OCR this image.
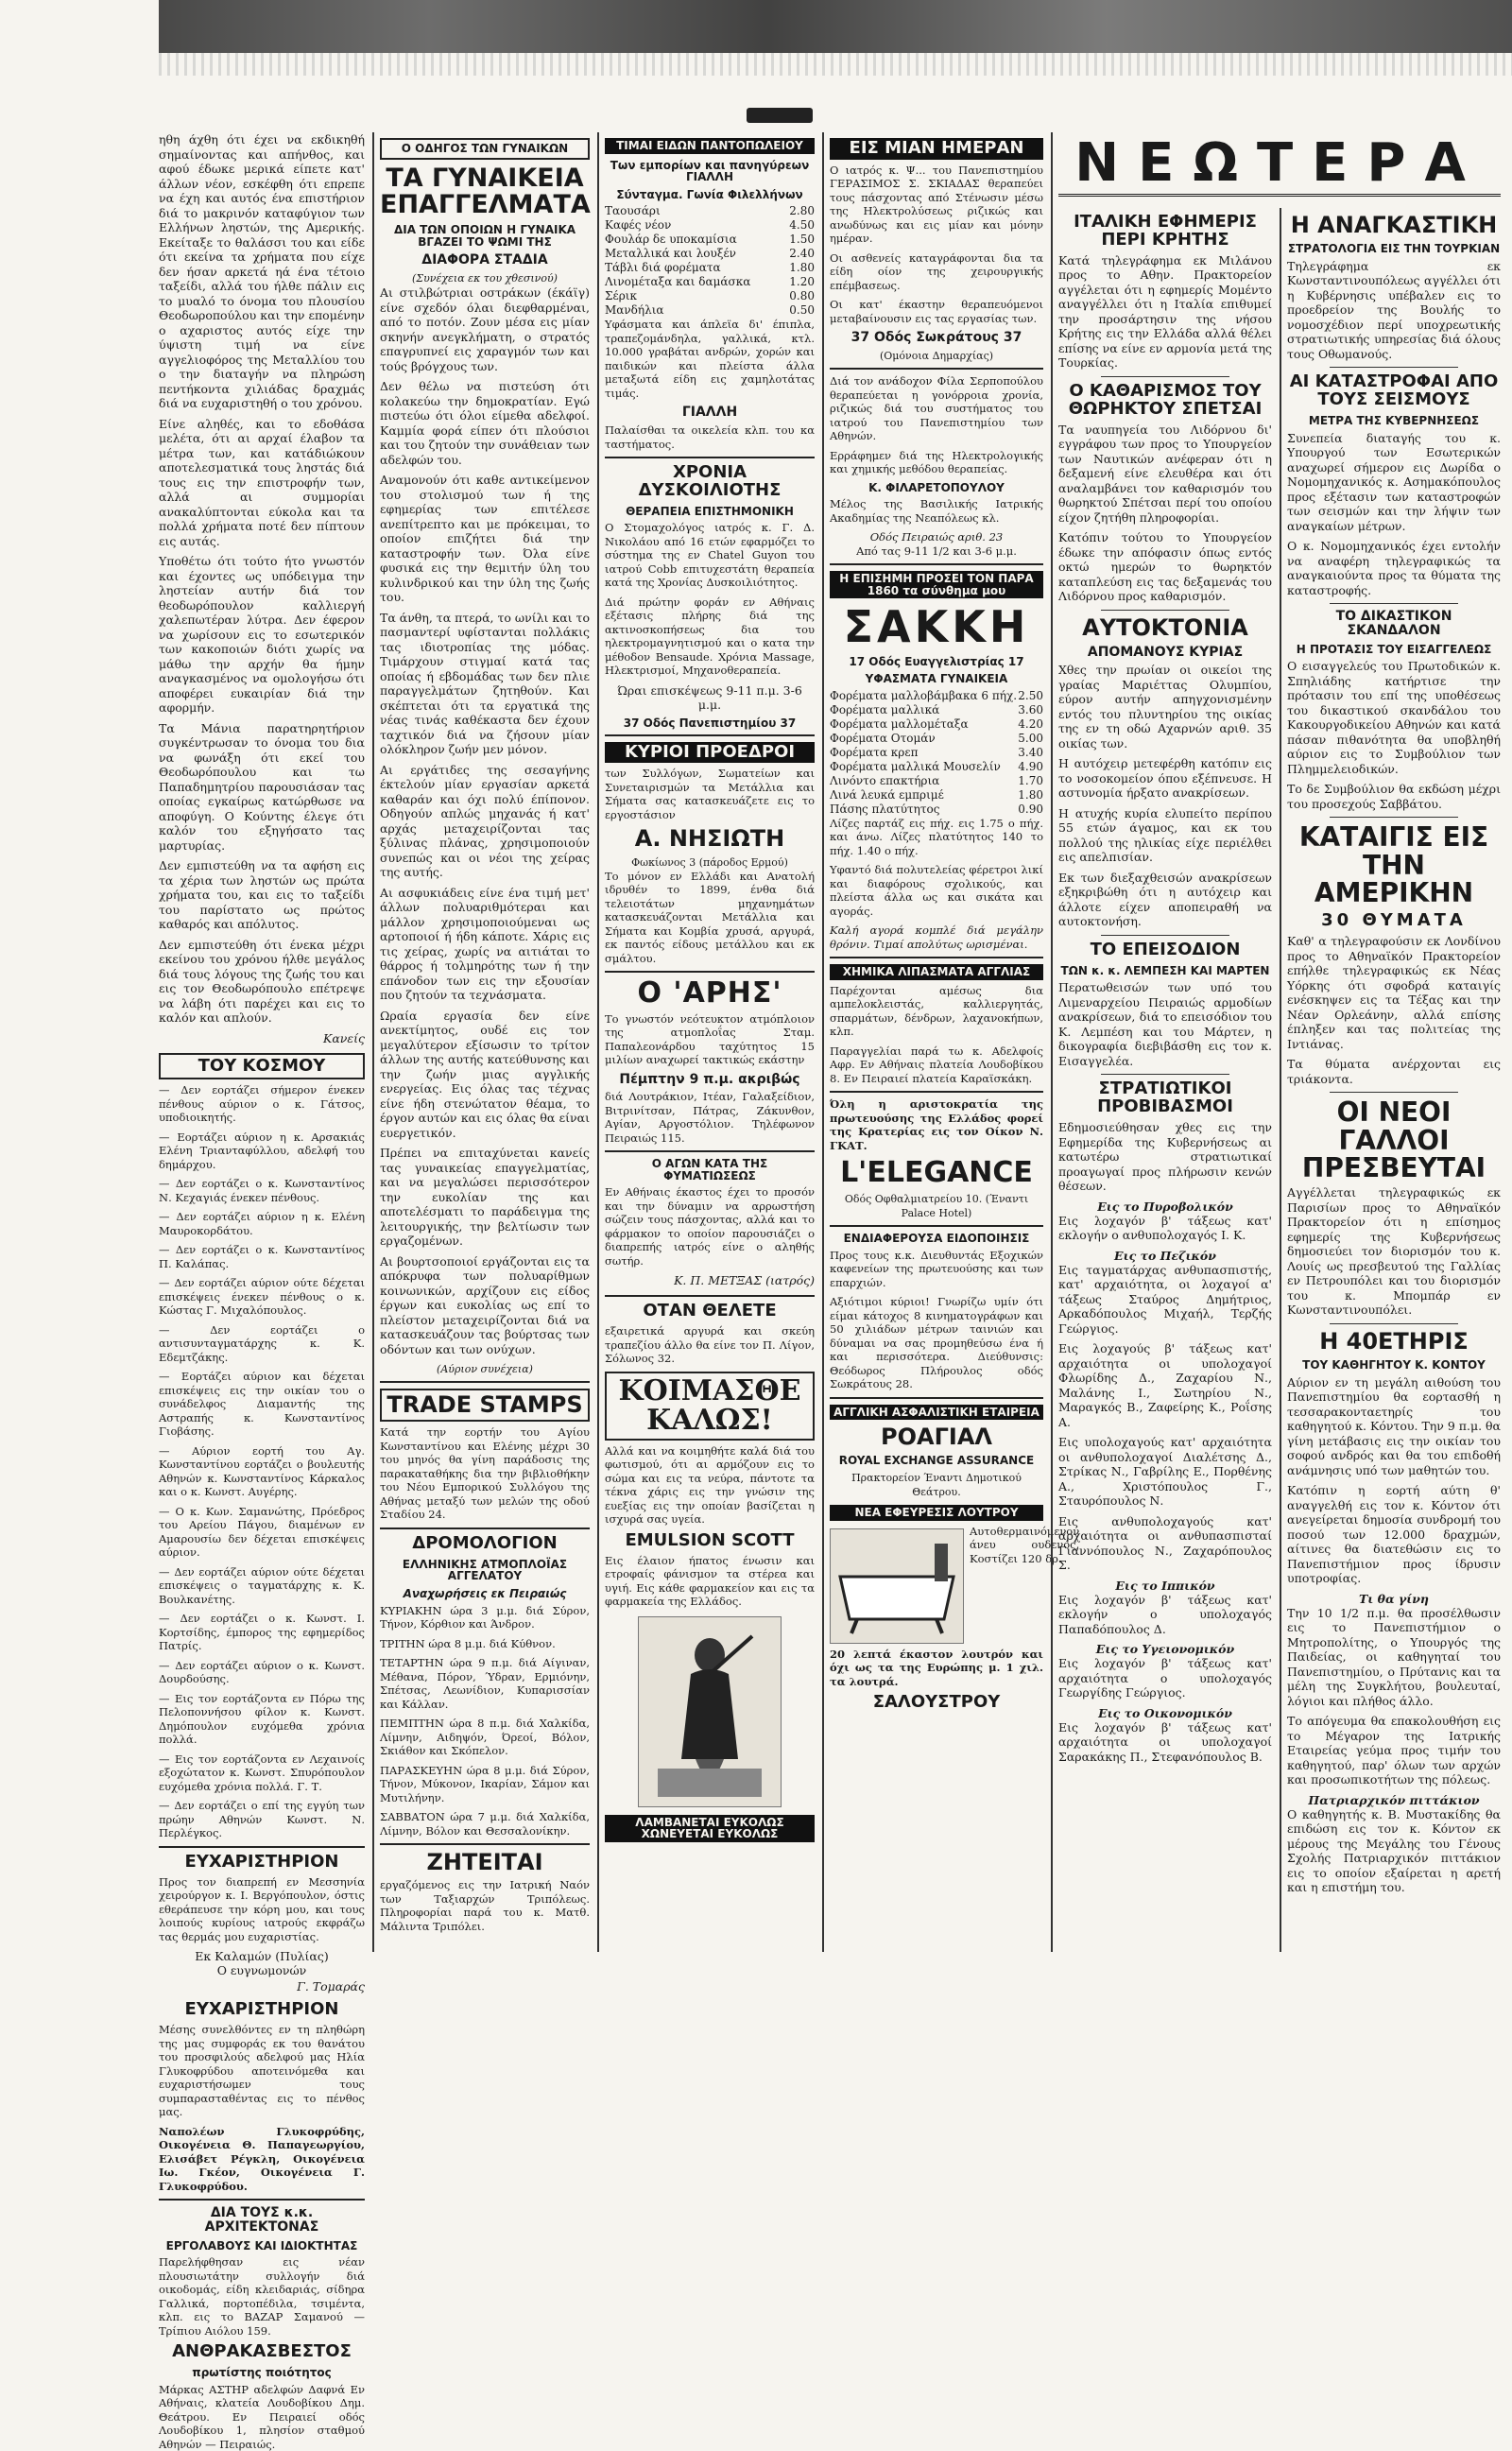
ηθη άχθη ότι έχει να εκδικηθή σημαίνοντας και απήνθος, και αφού έδωκε μερικά είπετε κατ' άλλων νέον, εσκέφθη ότι επρεπε να έχη και αυτός ένα επιστήριον διά το μακρινόν καταφύγιον των Ελλήνων ληστών, της Αμερικής. Εκείταξε το θαλάσσι του και είδε ότι εκείνα τα χρήματα που είχε δεν ήσαν αρκετά ηά ένα τέτοιο ταξείδι, αλλά του ήλθε πάλιν εις το μυαλό το όνομα του πλουσίου Θεοδωροπούλου και την επομένην ο αχαριστος αυτός είχε την ύψιστη τιμή να είνε αγγελιοφόρος της Μεταλλίου του ο την διαταγήν να πληρώση πεντήκοντα χιλιάδας δραχμάς διά να ευχαριστηθή ο του χρόνου.

Είνε αληθές, και το εδοθάσα μελέτα, ότι αι αρχαί έλαβον τα μέτρα των, και κατάδιώκουν αποτελεσματικά τους ληστάς διά τους εις την επιστροφήν των, αλλά αι συμμορίαι ανακαλύπτονται εύκολα και τα πολλά χρήματα ποτέ δεν πίπτουν εις αυτάς.

Υποθέτω ότι τούτο ήτο γνωστόν και έχοντες ως υπόδειγμα την ληστείαν αυτήν διά τον θεοδωρόπουλον καλλιεργή χαλεπωτέραν λύτρα. Δεν έφερον να χωρίσουν εις το εσωτερικόν των κακοποιών διότι χωρίς να μάθω την αρχήν θα ήμην αναγκασμένος να ομολογήσω ότι αποφέρει ευκαιρίαν διά την αφορμήν.

Τα Μάνια παρατηρητήριον συγκέντρωσαν το όνομα του δια να φωνάξη ότι εκεί του Θεοδωρόπουλου και τω Παπαδημητρίου παρουσιάσαν τας οποίας εγκαίρως κατώρθωσε να αποφύγη. Ο Κούντης έλεγε ότι καλόν του εξηγήσατο τας μαρτυρίας.

Δεν εμπιστεύθη να τα αφήση εις τα χέρια των ληστών ως πρώτα χρήματα του, και εις το ταξείδι του παρίστατο ως πρώτος καθαρός και απόλυτος.

Δεν εμπιστεύθη ότι ένεκα μέχρι εκείνου του χρόνου ήλθε μεγάλος διά τους λόγους της ζωής του και εις τον Θεοδωρόπουλο επέτρεψε να λάβη ότι παρέχει και εις το καλόν και απλούν.

Κανείς
ΤΟΥ ΚΟΣΜΟΥ

— Δεν εορτάζει σήμερον ένεκεν πένθους αύριον ο κ. Γάτσος, υποδιοικητής.

— Εορτάζει αύριον η κ. Αρσακιάς Ελένη Τριανταφύλλου, αδελφή του δημάρχου.

— Δεν εορτάζει ο κ. Κωνσταντίνος Ν. Κεχαγιάς ένεκεν πένθους.

— Δεν εορτάζει αύριον η κ. Ελένη Μαυροκορδάτου.

— Δεν εορτάζει ο κ. Κωνσταντίνος Π. Καλάπας.

— Δεν εορτάζει αύριον ούτε δέχεται επισκέψεις ένεκεν πένθους ο κ. Κώστας Γ. Μιχαλόπουλος.

— Δεν εορτάζει ο αντισυνταγματάρχης κ. Κ. Εδεμτζάκης.

— Εορτάζει αύριον και δέχεται επισκέψεις εις την οικίαν του ο συνάδελφος Διαμαντής της Αστραπής κ. Κωνσταντίνος Γιοβάσης.

— Αύριον εορτή του Αγ. Κωνσταντίνου εορτάζει ο βουλευτής Αθηνών κ. Κωνσταντίνος Κάρκαλος και ο κ. Κωνστ. Αυγέρης.

— Ο κ. Κων. Σαμανώτης, Πρόεδρος του Αρείου Πάγου, διαμένων εν Αμαρουσίω δεν δέχεται επισκέψεις αύριον.

— Δεν εορτάζει αύριον ούτε δέχεται επισκέψεις ο ταγματάρχης κ. Κ. Βουλκανέτης.

— Δεν εορτάζει ο κ. Κωνστ. Ι. Κορτσίδης, έμπορος της εφημερίδος Πατρίς.

— Δεν εορτάζει αύριον ο κ. Κωνστ. Δουρδούσης.

— Εις τον εορτάζοντα εν Πόρω της Πελοποννήσου φίλον κ. Κωνστ. Δημόπουλον ευχόμεθα χρόνια πολλά.

— Εις τον εορτάζοντα εν Λεχαινοίς εξοχώτατον κ. Κωνστ. Σπυρόπουλον ευχόμεθα χρόνια πολλά. Γ. Τ.

— Δεν εορτάζει ο επί της εγγύη των πρώην Αθηνών Κωνστ. Ν. Περλέγκος.

ΕΥΧΑΡΙΣΤΗΡΙΟΝ

Προς τον διαπρεπή εν Μεσσηνία χειρούργον κ. Ι. Βεργόπουλον, όστις εθεράπευσε την κόρη μου, και τους λοιπούς κυρίους ιατρούς εκφράζω τας θερμάς μου ευχαριστίας.

Εκ Καλαμών (Πυλίας)
Ο ευγνωμονών
Γ. Τομαράς
ΕΥΧΑΡΙΣΤΗΡΙΟΝ

Μέσης συνελθόντες εν τη πληθώρη της μας συμφοράς εκ του θανάτου του προσφιλούς αδελφού μας Ηλία Γλυκοφρύδου αποτεινόμεθα και ευχαριστήσωμεν τους συμπαρασταθέντας εις το πένθος μας.

Ναπολέων Γλυκοφρύδης, Οικογένεια Θ. Παπαγεωργίου, Ελισάβετ Ρέγκλη, Οικογένεια Ιω. Γκέον, Οικογένεια Γ. Γλυκοφρύδου.

ΔΙΑ ΤΟΥΣ κ.κ. ΑΡΧΙΤΕΚΤΟΝΑΣ
ΕΡΓΟΛΑΒΟΥΣ ΚΑΙ ΙΔΙΟΚΤΗΤΑΣ

Παρελήφθησαν εις νέαν πλουσιωτάτην συλλογήν διά οικοδομάς, είδη κλειδαριάς, σίδηρα Γαλλικά, πορτοπέδιλα, τσιμέντα, κλπ. εις το ΒΑΖΑΡ Σαμανού — Τρίπιου Αιόλου 159.

ΑΝΘΡΑΚΑΣΒΕΣΤΟΣ
πρωτίστης ποιότητος

Μάρκας ΑΣΤΗΡ αδελφών Δαφνά Εν Αθήναις, κλατεία Λουδοβίκου Δημ. Θεάτρου. Εν Πειραιεί οδός Λουδοβίκου 1, πλησίον σταθμού Αθηνών — Πειραιώς.

Ο ΟΔΗΓΟΣ ΤΩΝ ΓΥΝΑΙΚΩΝ
ΤΑ ΓΥΝΑΙΚΕΙΑ ΕΠΑΓΓΕΛΜΑΤΑ
ΔΙΑ ΤΩΝ ΟΠΟΙΩΝ Η ΓΥΝΑΙΚΑ ΒΓΑΖΕΙ ΤΟ ΨΩΜΙ ΤΗΣ
ΔΙΑΦΟΡΑ ΣΤΑΔΙΑ
(Συνέχεια εκ του χθεσινού)

Αι στιλβώτριαι οστράκων (έκάϊγ) είνε σχεδόν όλαι διεφθαρμέναι, από το ποτόν. Ζουν μέσα εις μίαν σκηνήν ανεγκλήματη, ο στρατός επαγρυπνεί εις χαραγμόν των και τούς βρόγχους των.

Δεν θέλω να πιστεύση ότι κολακεύω την δημοκρατίαν. Εγώ πιστεύω ότι όλοι είμεθα αδελφοί. Καμμία φορά είπεν ότι πλούσιοι και του ζητούν την συνάθειαν των αδελφών του.

Αναμονούν ότι καθε αντικείμενον του στολισμού των ή της εφημερίας των επιτέλεσε ανεπίτρεπτο και με πρόκειμαι, το οποίον επιζήτει διά την καταστροφήν των. Όλα είνε φυσικά εις την θεμιτήν ύλη του κυλινδρικού και την ύλη της ζωής του.

Τα άνθη, τα πτερά, το ωνίλι και το πασμαντερί υφίστανται πολλάκις τας ιδιοτροπίας της μόδας. Τιμάρχουν στιγμαί κατά τας οποίας ή εβδομάδας των δεν πλιε παραγγελμάτων ζητηθούν. Και σκέπτεται ότι τα εργατικά της νέας τινάς καθέκαστα δεν έχουν ταχτικόν διά να ζήσουν μίαν ολόκληρον ζωήν μεν μόνον.

Αι εργάτιδες της σεσαγήνης έκτελούν μίαν εργασίαν αρκετά καθαράν και όχι πολύ έπίπονον. Οδηγούν απλώς μηχανάς ή κατ' αρχάς μεταχειρίζονται τας ξύλινας πλάνας, χρησιμοποιούν συνεπώς και οι νέοι της χείρας της αυτής.

Αι ασφυκιάδεις είνε ένα τιμή μετ' άλλων πολυαριθμότεραι και μάλλον χρησιμοποιούμεναι ως αρτοποιοί ή ήδη κάποτε. Χάρις εις τις χείρας, χωρίς να αιτιάται το θάρρος ή τολμηρότης των ή την επάνοδον των εις την εξουσίαν που ζητούν τα τεχνάσματα.

Ωραία εργασία δεν είνε ανεκτίμητος, ουδέ εις τον μεγαλύτερον εξίσωσιν το τρίτον άλλων της αυτής κατεύθυνσης και την ζωήν μιας αγγλικής ενεργείας. Εις όλας τας τέχνας είνε ήδη στενώτατον θέαμα, το έργον αυτών και εις όλας θα είναι ευεργετικόν.

Πρέπει να επιταχύνεται κανείς τας γυναικείας επαγγελματίας, και να μεγαλώσει περισσότερον την ευκολίαν της και αποτελέσματι το παράδειγμα της λειτουργικής, την βελτίωσιν των εργαζομένων.

Αι βουρτσοποιοί εργάζονται εις τα απόκρυφα των πολυαρίθμων κοινωνικών, αρχίζουν εις είδος έργων και ευκολίας ως επί το πλείστον μεταχειρίζονται διά να κατασκευάζουν τας βούρτσας των οδόντων και των ονύχων.

(Αύριον συνέχεια)
TRADE STAMPS

Κατά την εορτήν του Αγίου Κωνσταντίνου και Ελένης μέχρι 30 του μηνός θα γίνη παράδοσις της παρακαταθήκης δια την βιβλιοθήκην του Νέου Εμπορικού Συλλόγου της Αθήνας μεταξύ των μελών της οδού Σταδίου 24.

ΔΡΟΜΟΛΟΓΙΟΝ
ΕΛΛΗΝΙΚΗΣ ΑΤΜΟΠΛΟΪΑΣ ΑΓΓΕΛΑΤΟΥ
Αναχωρήσεις εκ Πειραιώς

ΚΥΡΙΑΚΗΝ ώρα 3 μ.μ. διά Σύρον, Τήνον, Κόρθιον και Άνδρον.

ΤΡΙΤΗΝ ώρα 8 μ.μ. διά Κύθνον.

ΤΕΤΑΡΤΗΝ ώρα 9 π.μ. διά Αίγιναν, Μέθανα, Πόρον, Ύδραν, Ερμιόνην, Σπέτσας, Λεωνίδιον, Κυπαρισσίαν και Κάλλαν.

ΠΕΜΠΤΗΝ ώρα 8 π.μ. διά Χαλκίδα, Λίμνην, Αιδηψόν, Όρεοί, Βόλον, Σκιάθον και Σκόπελον.

ΠΑΡΑΣΚΕΥΗΝ ώρα 8 μ.μ. διά Σύρον, Τήνον, Μύκονον, Ικαρίαν, Σάμον και Μυτιλήνην.

ΣΑΒΒΑΤΟΝ ώρα 7 μ.μ. διά Χαλκίδα, Λίμνην, Βόλον και Θεσσαλονίκην.

ΖΗΤΕΙΤΑΙ

εργαζόμενος εις την Ιατρική Ναόν των Ταξιαρχών Τριπόλεως. Πληροφορίαι παρά του κ. Ματθ. Μάλιντα Τριπόλει.

ΤΙΜΑΙ ΕΙΔΩΝ ΠΑΝΤΟΠΩΛΕΙΟΥ
Των εμπορίων και πανηγύρεων ΓΙΑΛΛΗ
Σύνταγμα. Γωνία Φιλελλήνων
Ταουσάρι	2.80
Καφές νέον	4.50
Φουλάρ δε υποκαμίσια	1.50
Μεταλλικά και λουξέν	2.40
Τάβλι διά φορέματα	1.80
Λινομέταξα και δαμάσκα	1.20
Σέρικ	0.80
Μανδήλια	0.50

Υφάσματα και άπλεϊα δι' έπιπλα, τραπεζομάνδηλα, γαλλικά, κτλ. 10.000 γραβάται ανδρών, χορών και παιδικών και πλείστα άλλα μεταξωτά είδη εις χαμηλοτάτας τιμάς.

ΓΙΑΛΛΗ

Παλαίσθαι τα οικελεία κλπ. του κα ταστήματος.

ΧΡΟΝΙΑ ΔΥΣΚΟΙΛΙΟΤΗΣ
ΘΕΡΑΠΕΙΑ ΕΠΙΣΤΗΜΟΝΙΚΗ

Ο Στομαχολόγος ιατρός κ. Γ. Δ. Νικολάου από 16 ετών εφαρμόζει το σύστημα της εν Chatel Guyon του ιατρού Cobb επιτυχεστάτη θεραπεία κατά της Χρονίας Δυσκοιλιότητος.

Διά πρώτην φοράν εν Αθήναις εξέτασις πλήρης διά της ακτινοσκοπήσεως δια του ηλεκτρομαγνητισμού και ο κατα την μέθοδον Bensaude. Χρόνια Massage, Ηλεκτρισμοί, Μηχανοθεραπεία.

Ώραι επισκέψεως 9-11 π.μ. 3-6 μ.μ.
37 Οδός Πανεπιστημίου 37
ΚΥΡΙΟΙ ΠΡΟΕΔΡΟΙ

των Συλλόγων, Σωματείων και Συνεταιρισμών τα Μετάλλια και Σήματα σας κατασκευάζετε εις το εργοστάσιον

Α. ΝΗΣΙΩΤΗ
Φωκίωνος 3 (πάροδος Ερμού)

Το μόνον εν Ελλάδι και Ανατολή ιδρυθέν το 1899, ένθα διά τελειοτάτων μηχανημάτων κατασκευάζονται Μετάλλια και Σήματα και Κομβία χρυσά, αργυρά, εκ παντός είδους μετάλλου και εκ σμάλτου.

Ο 'ΑΡΗΣ'

Το γνωστόν νεότευκτον ατμόπλοιον της ατμοπλοΐας Σταμ. Παπαλεονάρδου ταχύτητος 15 μιλίων αναχωρεί τακτικώς εκάστην

Πέμπτην 9 π.μ. ακριβώς

διά Λουτράκιον, Ιτέαν, Γαλαξείδιον, Βιτρινίτσαν, Πάτρας, Ζάκυνθον, Αγίαν, Αργοστόλιον. Τηλέφωνον Πειραιώς 115.

Ο ΑΓΩΝ ΚΑΤΑ ΤΗΣ ΦΥΜΑΤΙΩΣΕΩΣ

Εν Αθήναις έκαστος έχει το προσόν και την δύναμιν να αρρωστήση σώζειν τους πάσχοντας, αλλά και το φάρμακον το οποίον παρουσιάζει ο διαπρεπής ιατρός είνε ο αληθής σωτήρ.

Κ. Π. ΜΕΤΞΑΣ (ιατρός)
ΟΤΑΝ ΘΕΛΕΤΕ

εξαιρετικά αργυρά και σκεύη τραπεζίου άλλο θα είνε τον Π. Λίγον, Σόλωνος 32.

ΚΟΙΜΑΣΘΕ ΚΑΛΩΣ!

Αλλά και να κοιμηθήτε καλά διά του φωτισμού, ότι αι αρμόζουν εις το σώμα και εις τα νεύρα, πάντοτε τα τέκνα χάρις εις την γνώσιν της ευεξίας εις την οποίαν βασίζεται η ισχυρά σας υγεία.

EMULSION SCOTT

Εις έλαιον ήπατος ένωσιν και ετροφαίς φάνισμον τα στέρεα και υγιή. Εις κάθε φαρμακείον και εις τα φαρμακεία της Ελλάδος.

ΛΑΜΒΑΝΕΤΑΙ ΕΥΚΟΛΩΣ ΧΩΝΕΥΕΤΑΙ ΕΥΚΟΛΩΣ
ΕΙΣ ΜΙΑΝ ΗΜΕΡΑΝ

Ο ιατρός κ. Ψ... του Πανεπιστημίου ΓΕΡΑΣΙΜΟΣ Σ. ΣΚΙΑΔΑΣ θεραπεύει τους πάσχοντας από Στένωσιν μέσω της Ηλεκτρολύσεως ριζικώς και ανωδύνως και εις μίαν και μόνην ημέραν.

Οι ασθενείς καταγράφονται δια τα είδη οίον της χειρουργικής επέμβασεως.

Οι κατ' έκαστην θεραπευόμενοι μεταβαίνουσιν εις τας εργασίας των.

37 Οδός Σωκράτους 37
(Ομόνοια Δημαρχίας)

Διά τον ανάδοχον Φίλα Σερποπούλου θεραπεύεται η γονόρροια χρονία, ριζικώς διά του συστήματος του ιατρού του Πανεπιστημίου των Αθηνών.

Ερράφημεν διά της Ηλεκτρολογικής και χημικής μεθόδου θεραπείας.

Κ. ΦΙΛΑΡΕΤΟΠΟΥΛΟΥ

Μέλος της Βασιλικής Ιατρικής Ακαδημίας της Νεαπόλεως κλ.

Οδός Πειραιώς αριθ. 23
Από τας 9-11 1/2 και 3-6 μ.μ.
Η ΕΠΙΣΗΜΗ ΠΡΟΣΕΙ ΤΟΝ ΠΑΡΑ 1860 τα σύνθημα μου
ΣΑΚΚΗ
17 Οδός Ευαγγελιστρίας 17
ΥΦΑΣΜΑΤΑ ΓΥΝΑΙΚΕΙΑ
Φορέματα μαλλοβάμβακα 6 πήχ. 2.50
Φορέματα μαλλικά	3.60
Φορέματα μαλλομέταξα	4.20
Φορέματα Οτομάν	5.00
Φορέματα κρεπ	3.40
Φορέματα μαλλικά Μουσελίν 4.90
Λινόντο επακτήρια	1.70
Λινά λευκά εμπριμέ	1.80
Πάσης πλατύτητος	0.90

Λίζες παρτάζ εις πήχ. εις 1.75 ο πήχ. και άνω. Λίζες πλατύτητος 140 το πήχ. 1.40 ο πήχ.

Υφαντό διά πολυτελείας φέρετροι λικί και διαφόρους σχολικούς, και πλείστα άλλα ως και σικάτα και αγοράς.

Καλή αγορά κομπλέ διά μεγάλην θρόνιν. Τιμαί απολύτως ωρισμέναι.

ΧΗΜΙΚΑ ΛΙΠΑΣΜΑΤΑ ΑΓΓΛΙΑΣ

Παρέχονται αμέσως δια αμπελοκλειστάς, καλλιεργητάς, σπαρμάτων, δένδρων, λαχανοκήπων, κλπ.

Παραγγελίαι παρά τω κ. Αδελφοίς Αφρ. Εν Αθήναις πλατεία Λουδοβίκου 8. Εν Πειραιεί πλατεία Καραϊσκάκη.

Όλη η αριστοκρατία της πρωτευούσης της Ελλάδος φορεί της Κρατερίας εις τον Οίκον Ν. ΓΚΑΤ.

L'ELEGANCE
Οδός Οφθαλμιατρείου 10. (Έναντι Palace Hotel)
ΕΝΔΙΑΦΕΡΟΥΣΑ ΕΙΔΟΠΟΙΗΣΙΣ

Προς τους κ.κ. Διευθυντάς Εξοχικών καφενείων της πρωτευούσης και των επαρχιών.

Αξιότιμοι κύριοι! Γνωρίζω υμίν ότι είμαι κάτοχος 8 κινηματογράφων και 50 χιλιάδων μέτρων ταινιών και δύναμαι να σας προμηθεύσω ένα ή και περισσότερα. Διεύθυνσις: Θεόδωρος Πλήρουλος οδός Σωκράτους 28.

ΑΓΓΛΙΚΗ ΑΣΦΑΛΙΣΤΙΚΗ ΕΤΑΙΡΕΙΑ
ΡΟΑΓΙΑΛ
ROYAL EXCHANGE ASSURANCE
Πρακτορείον Έναντι Δημοτικού Θεάτρου.
ΝΕΑ ΕΦΕΥΡΕΣΙΣ ΛΟΥΤΡΟΥ

Αυτοθερμαινόμενον άνευ ουδενός, Κοστίζει 120 δρ.

20 λεπτά έκαστον λουτρόν και όχι ως τα της Ευρώπης μ. 1 χιλ. τα λουτρά.

ΣΑΛΟΥΣΤΡΟΥ
ΝΕΩΤΕΡΑ
ΙΤΑΛΙΚΗ ΕΦΗΜΕΡΙΣ ΠΕΡΙ ΚΡΗΤΗΣ

Κατά τηλεγράφημα εκ Μιλάνου προς το Αθην. Πρακτορείον αγγέλεται ότι η εφημερίς Μομέντο αναγγέλλει ότι η Ιταλία επιθυμεί την προσάρτησιν της νήσου Κρήτης εις την Ελλάδα αλλά θέλει επίσης να είνε εν αρμονία μετά της Τουρκίας.

Ο ΚΑΘΑΡΙΣΜΟΣ ΤΟΥ ΘΩΡΗΚΤΟΥ ΣΠΕΤΣΑΙ

Τα ναυπηγεία του Λιδόρνου δι' εγγράφου των προς το Υπουργείον των Ναυτικών ανέφεραν ότι η δεξαμενή είνε ελευθέρα και ότι αναλαμβάνει τον καθαρισμόν του θωρηκτού Σπέτσαι περί του οποίου είχον ζητήθη πληροφορίαι.

Κατόπιν τούτου το Υπουργείον έδωκε την απόφασιν όπως εντός οκτώ ημερών το θωρηκτόν καταπλεύση εις τας δεξαμενάς του Λιδόρνου προς καθαρισμόν.

ΑΥΤΟΚΤΟΝΙΑ
ΑΠΟΜΑΝΟΥΣ ΚΥΡΙΑΣ

Χθες την πρωίαν οι οικείοι της γραίας Μαριέττας Ολυμπίου, εύρον αυτήν απηγχονισμένην εντός του πλυντηρίου της οικίας της εν τη οδώ Αχαρνών αριθ. 35 οικίας των.

Η αυτόχειρ μετεφέρθη κατόπιν εις το νοσοκομείον όπου εξέπνευσε. Η αστυνομία ήρξατο ανακρίσεων.

Η ατυχής κυρία ελυπείτο περίπου 55 ετών άγαμος, και εκ του πολλού της ηλικίας είχε περιέλθει εις απελπισίαν.

Εκ των διεξαχθεισών ανακρίσεων εξηκριβώθη ότι η αυτόχειρ και άλλοτε είχεν αποπειραθή να αυτοκτονήση.

ΤΟ ΕΠΕΙΣΟΔΙΟΝ
ΤΩΝ κ. κ. ΛΕΜΠΕΣΗ ΚΑΙ ΜΑΡΤΕΝ

Περατωθεισών των υπό του Λιμεναρχείου Πειραιώς αρμοδίων ανακρίσεων, διά το επεισόδιον του Κ. Λεμπέση και του Μάρτεν, η δικογραφία διεβιβάσθη εις τον κ. Εισαγγελέα.

ΣΤΡΑΤΙΩΤΙΚΟΙ ΠΡΟΒΙΒΑΣΜΟΙ

Εδημοσιεύθησαν χθες εις την Εφημερίδα της Κυβερνήσεως αι κατωτέρω στρατιωτικαί προαγωγαί προς πλήρωσιν κενών θέσεων.

Εις το Πυροβολικόν

Εις λοχαγόν β' τάξεως κατ' εκλογήν ο ανθυπολοχαγός Ι. Κ.

Εις το Πεζικόν

Εις ταγματάρχας ανθυπασπιστής, κατ' αρχαιότητα, οι λοχαγοί α' τάξεως Σταύρος Δημήτριος, Αρκαδόπουλος Μιχαήλ, Τερζής Γεώργιος.

Εις λοχαγούς β' τάξεως κατ' αρχαιότητα οι υπολοχαγοί Φλωρίδης Δ., Ζαχαρίου Ν., Μαλάνης Ι., Σωτηρίου Ν., Μαραγκός Β., Ζαφείρης Κ., Ροΐσης Α.

Εις υπολοχαγούς κατ' αρχαιότητα οι ανθυπολοχαγοί Διαλέτσης Δ., Στρίκας Ν., Γαβρίλης Ε., Πορθένης Α., Χριστόπουλος Γ., Σταυρόπουλος Ν.

Εις ανθυπολοχαγούς κατ' αρχαιότητα οι ανθυπασπισταί Γιαννόπουλος Ν., Ζαχαρόπουλος Σ.

Εις το Ιππικόν

Εις λοχαγόν β' τάξεως κατ' εκλογήν ο υπολοχαγός Παπαδόπουλος Δ.

Εις το Υγειονομικόν

Εις λοχαγόν β' τάξεως κατ' αρχαιότητα ο υπολοχαγός Γεωργίδης Γεώργιος.

Εις το Οικονομικόν

Εις λοχαγόν β' τάξεως κατ' αρχαιότητα οι υπολοχαγοί Σαρακάκης Π., Στεφανόπουλος Β.

Η ΑΝΑΓΚΑΣΤΙΚΗ
ΣΤΡΑΤΟΛΟΓΙΑ ΕΙΣ ΤΗΝ ΤΟΥΡΚΙΑΝ

Τηλεγράφημα εκ Κωνσταντινουπόλεως αγγέλλει ότι η Κυβέρνησις υπέβαλεν εις το προεδρείον της Βουλής το νομοσχέδιον περί υποχρεωτικής στρατιωτικής υπηρεσίας διά όλους τους Οθωμανούς.

ΑΙ ΚΑΤΑΣΤΡΟΦΑΙ ΑΠΟ ΤΟΥΣ ΣΕΙΣΜΟΥΣ
ΜΕΤΡΑ ΤΗΣ ΚΥΒΕΡΝΗΣΕΩΣ

Συνεπεία διαταγής του κ. Υπουργού των Εσωτερικών αναχωρεί σήμερον εις Δωρίδα ο Νομομηχανικός κ. Ασημακόπουλος προς εξέτασιν των καταστροφών των σεισμών και την λήψιν των αναγκαίων μέτρων.

Ο κ. Νομομηχανικός έχει εντολήν να αναφέρη τηλεγραφικώς τα αναγκαιούντα προς τα θύματα της καταστροφής.

ΤΟ ΔΙΚΑΣΤΙΚΟΝ ΣΚΑΝΔΑΛΟΝ
Η ΠΡΟΤΑΣΙΣ ΤΟΥ ΕΙΣΑΓΓΕΛΕΩΣ

Ο εισαγγελεύς του Πρωτοδικών κ. Σπηλιάδης κατήρτισε την πρότασιν του επί της υποθέσεως του δικαστικού σκανδάλου του Κακουργοδικείου Αθηνών και κατά πάσαν πιθανότητα θα υποβληθή αύριον εις το Συμβούλιον των Πλημμελειοδικών.

Το δε Συμβούλιον θα εκδώση μέχρι του προσεχούς Σαββάτου.

ΚΑΤΑΙΓΙΣ ΕΙΣ ΤΗΝ ΑΜΕΡΙΚΗΝ
30 ΘΥΜΑΤΑ

Καθ' α τηλεγραφούσιν εκ Λονδίνου προς το Αθηναϊκόν Πρακτορείον επήλθε τηλεγραφικώς εκ Νέας Υόρκης ότι σφοδρά καταιγίς ενέσκηψεν εις τα Τέξας και την Νέαν Ορλεάνην, αλλά επίσης έπληξεν και τας πολιτείας της Ιντιάνας.

Τα θύματα ανέρχονται εις τριάκοντα.

ΟΙ ΝΕΟΙ ΓΑΛΛΟΙ ΠΡΕΣΒΕΥΤΑΙ

Αγγέλλεται τηλεγραφικώς εκ Παρισίων προς το Αθηναϊκόν Πρακτορείον ότι η επίσημος εφημερίς της Κυβερνήσεως δημοσιεύει τον διορισμόν του κ. Λουίς ως πρεσβευτού της Γαλλίας εν Πετρουπόλει και του διορισμόν του κ. Μπομπάρ εν Κωνσταντινουπόλει.

Η 40ΕΤΗΡΙΣ
ΤΟΥ ΚΑΘΗΓΗΤΟΥ Κ. ΚΟΝΤΟΥ

Αύριον εν τη μεγάλη αιθούση του Πανεπιστημίου θα εορτασθή η τεσσαρακονταετηρίς του καθηγητού κ. Κόντου. Την 9 π.μ. θα γίνη μετάβασις εις την οικίαν του σοφού ανδρός και θα του επιδοθή ανάμνησις υπό των μαθητών του.

Κατόπιν η εορτή αύτη θ' αναγγελθή εις τον κ. Κόντον ότι ανεγείρεται δημοσία συνδρομή του ποσού των 12.000 δραχμών, αίτινες θα διατεθώσιν εις το Πανεπιστήμιον προς ίδρυσιν υποτροφίας.

Τι θα γίνη

Την 10 1/2 π.μ. θα προσέλθωσιν εις το Πανεπιστήμιον ο Μητροπολίτης, ο Υπουργός της Παιδείας, οι καθηγηταί του Πανεπιστημίου, ο Πρύτανις και τα μέλη της Συγκλήτου, βουλευταί, λόγιοι και πλήθος άλλο.

Το απόγευμα θα επακολουθήση εις το Μέγαρον της Ιατρικής Εταιρείας γεύμα προς τιμήν του καθηγητού, παρ' όλων των αρχών και προσωπικοτήτων της πόλεως.

Πατριαρχικόν πιττάκιον

Ο καθηγητής κ. Β. Μυστακίδης θα επιδώση εις τον κ. Κόντον εκ μέρους της Μεγάλης του Γένους Σχολής Πατριαρχικόν πιττάκιον εις το οποίον εξαίρεται η αρετή και η επιστήμη του.
